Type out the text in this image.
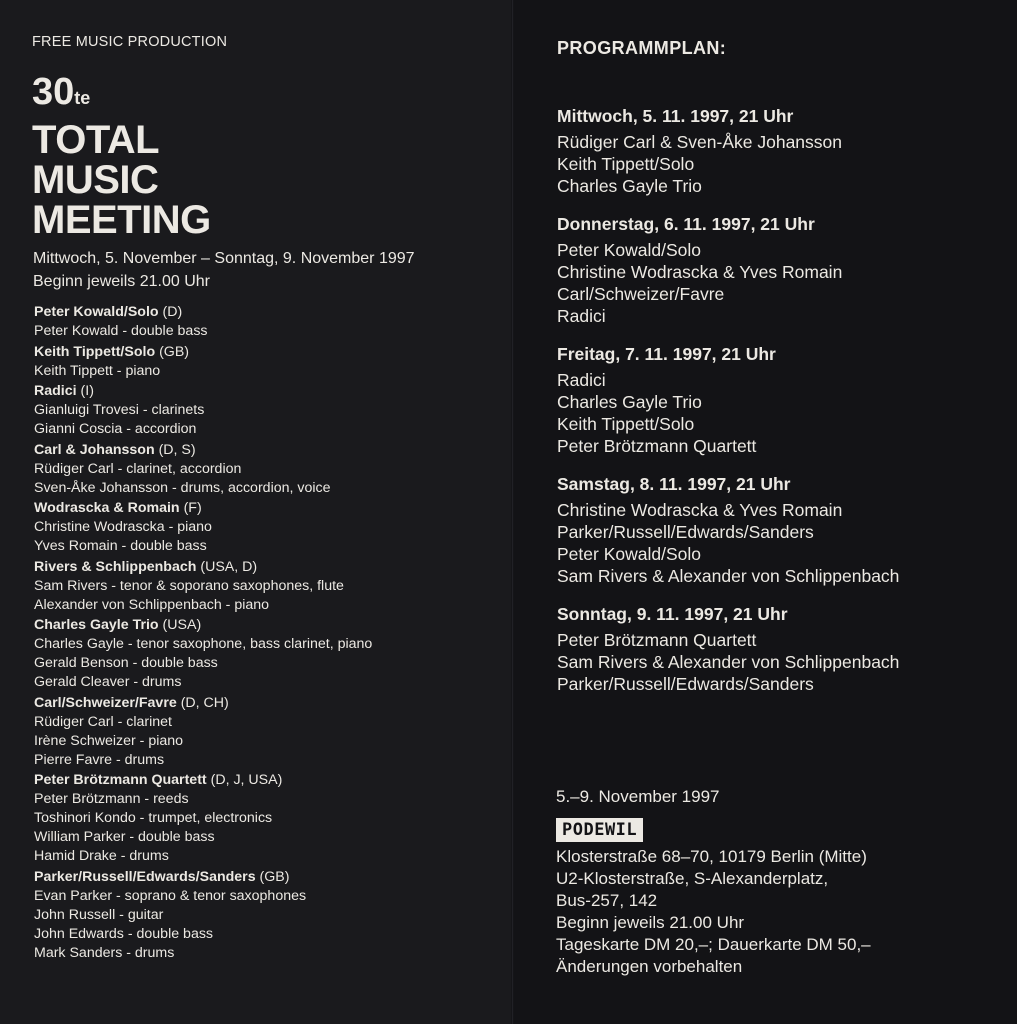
FREE MUSIC PRODUCTION
30te
TOTAL
MUSIC
MEETING
Mittwoch, 5. November – Sonntag, 9. November 1997
Beginn jeweils 21.00 Uhr
Peter Kowald/Solo (D)
Peter Kowald - double bass
Keith Tippett/Solo (GB)
Keith Tippett - piano
Radici (I)
Gianluigi Trovesi - clarinets
Gianni Coscia - accordion
Carl & Johansson (D, S)
Rüdiger Carl - clarinet, accordion
Sven-Åke Johansson - drums, accordion, voice
Wodrascka & Romain (F)
Christine Wodrascka - piano
Yves Romain - double bass
Rivers & Schlippenbach (USA, D)
Sam Rivers - tenor & soporano saxophones, flute
Alexander von Schlippenbach - piano
Charles Gayle Trio (USA)
Charles Gayle - tenor saxophone, bass clarinet, piano
Gerald Benson - double bass
Gerald Cleaver - drums
Carl/Schweizer/Favre (D, CH)
Rüdiger Carl - clarinet
Irène Schweizer - piano
Pierre Favre - drums
Peter Brötzmann Quartett (D, J, USA)
Peter Brötzmann - reeds
Toshinori Kondo - trumpet, electronics
William Parker - double bass
Hamid Drake - drums
Parker/Russell/Edwards/Sanders (GB)
Evan Parker - soprano & tenor saxophones
John Russell - guitar
John Edwards - double bass
Mark Sanders - drums
PROGRAMMPLAN:
Mittwoch, 5. 11. 1997, 21 Uhr
Rüdiger Carl & Sven-Åke Johansson
Keith Tippett/Solo
Charles Gayle Trio
Donnerstag, 6. 11. 1997, 21 Uhr
Peter Kowald/Solo
Christine Wodrascka & Yves Romain
Carl/Schweizer/Favre
Radici
Freitag, 7. 11. 1997, 21 Uhr
Radici
Charles Gayle Trio
Keith Tippett/Solo
Peter Brötzmann Quartett
Samstag, 8. 11. 1997, 21 Uhr
Christine Wodrascka & Yves Romain
Parker/Russell/Edwards/Sanders
Peter Kowald/Solo
Sam Rivers & Alexander von Schlippenbach
Sonntag, 9. 11. 1997, 21 Uhr
Peter Brötzmann Quartett
Sam Rivers & Alexander von Schlippenbach
Parker/Russell/Edwards/Sanders
5.–9. November 1997
PODEWIL
Klosterstraße 68–70, 10179 Berlin (Mitte)
U2-Klosterstraße, S-Alexanderplatz,
Bus-257, 142
Beginn jeweils 21.00 Uhr
Tageskarte DM 20,–; Dauerkarte DM 50,–
Änderungen vorbehalten
